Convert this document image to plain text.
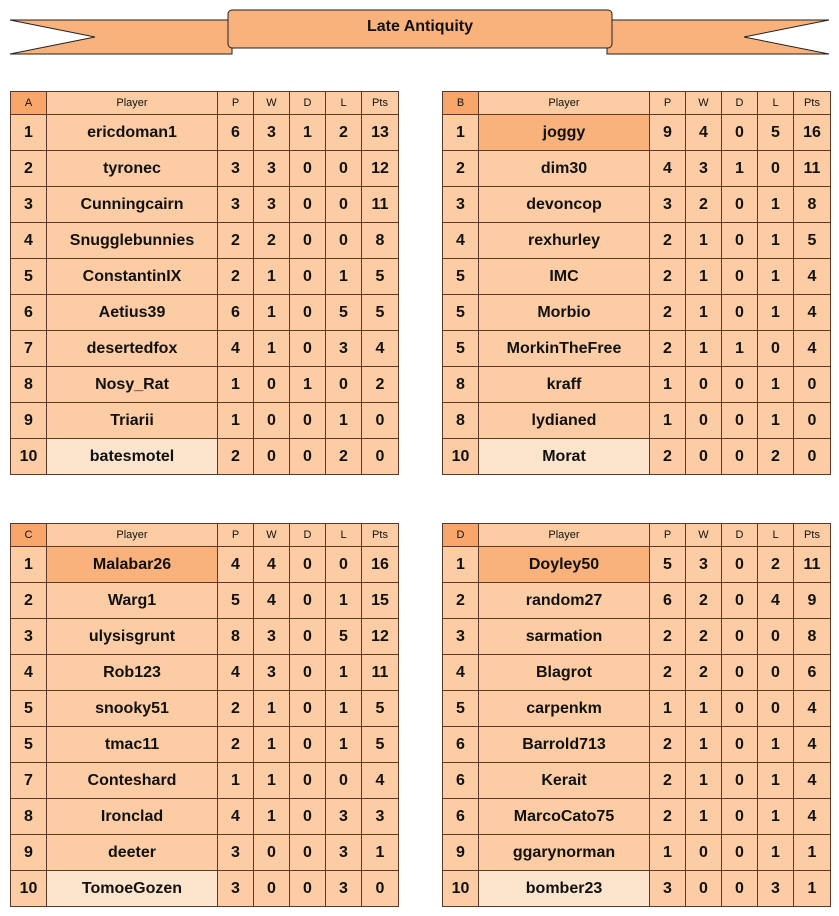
Late Antiquity
A	Player	P	W	D	L	Pts
1	ericdoman1	6	3	1	2	13
2	tyronec	3	3	0	0	12
3	Cunningcairn	3	3	0	0	11
4	Snugglebunnies	2	2	0	0	8
5	ConstantinIX	2	1	0	1	5
6	Aetius39	6	1	0	5	5
7	desertedfox	4	1	0	3	4
8	Nosy_Rat	1	0	1	0	2
9	Triarii	1	0	0	1	0
10	batesmotel	2	0	0	2	0
B	Player	P	W	D	L	Pts
1	joggy	9	4	0	5	16
2	dim30	4	3	1	0	11
3	devoncop	3	2	0	1	8
4	rexhurley	2	1	0	1	5
5	IMC	2	1	0	1	4
5	Morbio	2	1	0	1	4
5	MorkinTheFree	2	1	1	0	4
8	kraff	1	0	0	1	0
8	lydianed	1	0	0	1	0
10	Morat	2	0	0	2	0
C	Player	P	W	D	L	Pts
1	Malabar26	4	4	0	0	16
2	Warg1	5	4	0	1	15
3	ulysisgrunt	8	3	0	5	12
4	Rob123	4	3	0	1	11
5	snooky51	2	1	0	1	5
5	tmac11	2	1	0	1	5
7	Conteshard	1	1	0	0	4
8	Ironclad	4	1	0	3	3
9	deeter	3	0	0	3	1
10	TomoeGozen	3	0	0	3	0
D	Player	P	W	D	L	Pts
1	Doyley50	5	3	0	2	11
2	random27	6	2	0	4	9
3	sarmation	2	2	0	0	8
4	Blagrot	2	2	0	0	6
5	carpenkm	1	1	0	0	4
6	Barrold713	2	1	0	1	4
6	Kerait	2	1	0	1	4
6	MarcoCato75	2	1	0	1	4
9	ggarynorman	1	0	0	1	1
10	bomber23	3	0	0	3	1
